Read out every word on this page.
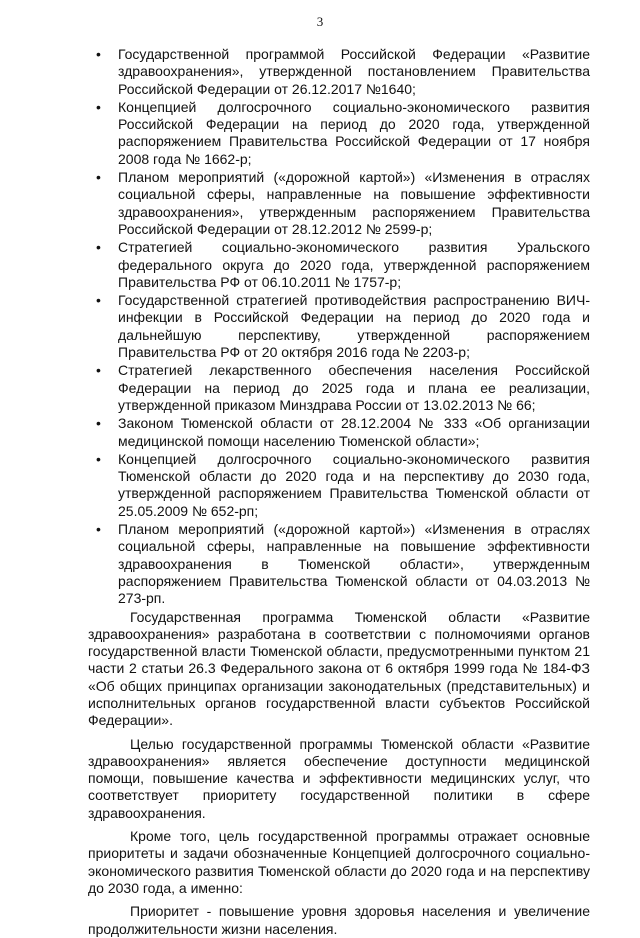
3
• Государственной программой Российской Федерации «Развитие здравоохранения», утвержденной постановлением Правительства Российской Федерации от 26.12.2017 №1640;
• Концепцией долгосрочного социально-экономического развития Российской Федерации на период до 2020 года, утвержденной распоряжением Правительства Российской Федерации от 17 ноября 2008 года № 1662-р;
• Планом мероприятий («дорожной картой») «Изменения в отраслях социальной сферы, направленные на повышение эффективности здравоохранения», утвержденным распоряжением Правительства Российской Федерации от 28.12.2012 № 2599-р;
• Стратегией социально-экономического развития Уральского федерального округа до 2020 года, утвержденной распоряжением Правительства РФ от 06.10.2011 № 1757-р;
• Государственной стратегией противодействия распространению ВИЧ-инфекции в Российской Федерации на период до 2020 года и дальнейшую перспективу, утвержденной распоряжением Правительства РФ от 20 октября 2016 года № 2203-р;
• Стратегией лекарственного обеспечения населения Российской Федерации на период до 2025 года и плана ее реализации, утвержденной приказом Минздрава России от 13.02.2013 № 66;
• Законом Тюменской области от 28.12.2004 № 333 «Об организации медицинской помощи населению Тюменской области»;
• Концепцией долгосрочного социально-экономического развития Тюменской области до 2020 года и на перспективу до 2030 года, утвержденной распоряжением Правительства Тюменской области от 25.05.2009 № 652-рп;
• Планом мероприятий («дорожной картой») «Изменения в отраслях социальной сферы, направленные на повышение эффективности здравоохранения в Тюменской области», утвержденным распоряжением Правительства Тюменской области от 04.03.2013 № 273-рп.

Государственная программа Тюменской области «Развитие здравоохранения» разработана в соответствии с полномочиями органов государственной власти Тюменской области, предусмотренными пунктом 21 части 2 статьи 26.3 Федерального закона от 6 октября 1999 года № 184-ФЗ «Об общих принципах организации законодательных (представительных) и исполнительных органов государственной власти субъектов Российской Федерации».

Целью государственной программы Тюменской области «Развитие здравоохранения» является обеспечение доступности медицинской помощи, повышение качества и эффективности медицинских услуг, что соответствует приоритету государственной политики в сфере здравоохранения.

Кроме того, цель государственной программы отражает основные приоритеты и задачи обозначенные Концепцией долгосрочного социально-экономического развития Тюменской области до 2020 года и на перспективу до 2030 года, а именно:

Приоритет - повышение уровня здоровья населения и увеличение продолжительности жизни населения.
